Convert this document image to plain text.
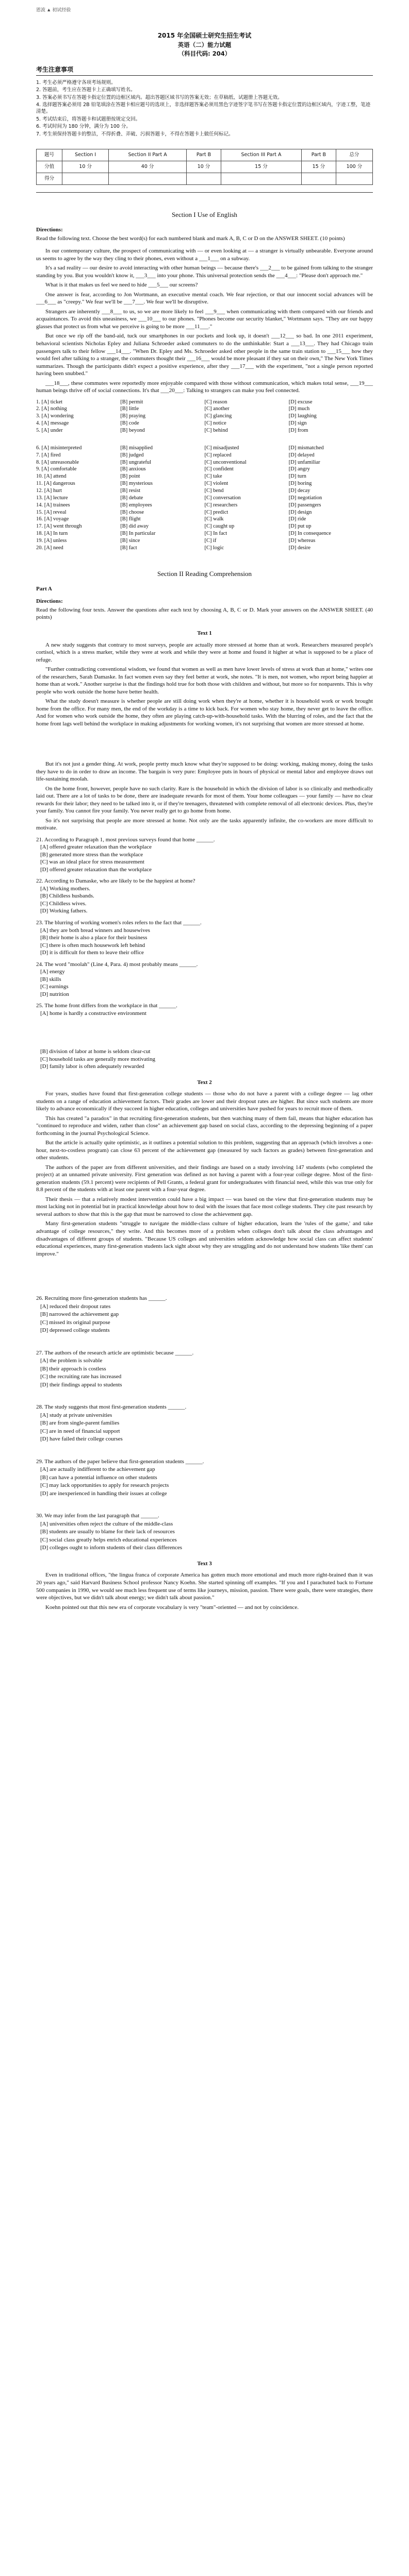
恩波 ▲ 初试经验
2015 年全国硕士研究生招生考试
英语（二）能力试题
（科目代码: 204）
考生注意事项

1. 考生必须严格遵守各项考场规则。

2. 答题前，考生应在答题卡上正确填写姓名。

3. 答案必须书写在答题卡指定位置的边框区域内。超出答题区域书写的答案无效；在草稿纸、试题册上答题无效。

4. 选择题答案必须用 2B 铅笔填涂在答题卡相应题号的选项上，非选择题答案必须用黑色字迹签字笔书写在答题卡指定位置的边框区域内，字迹工整，笔迹清楚。

5. 考试结束后，将答题卡和试题册按规定交回。

6. 考试时间为 180 分钟，满分为 100 分。

7. 考生须保持答题卡的整洁，不得折叠、弄破、污损答题卡，不得在答题卡上做任何标记。

题号	Section I	Section II Part A	Part B	Section III Part A	Part B	总分
分值	10 分	40 分	10 分	15 分	15 分	100 分
得分						
Section I Use of English
Directions:

Read the following text. Choose the best word(s) for each numbered blank and mark A, B, C or D on the ANSWER SHEET. (10 points)

In our contemporary culture, the prospect of communicating with — or even looking at — a stranger is virtually unbearable. Everyone around us seems to agree by the way they cling to their phones, even without a ___1___ on a subway.

It's a sad reality — our desire to avoid interacting with other human beings — because there's ___2___ to be gained from talking to the stranger standing by you. But you wouldn't know it, ___3___ into your phone. This universal protection sends the ___4___: "Please don't approach me."

What is it that makes us feel we need to hide ___5___ our screens?

One answer is fear, according to Jon Wortmann, an executive mental coach. We fear rejection, or that our innocent social advances will be ___6___ as "creepy." We fear we'll be ___7___. We fear we'll be disruptive.

Strangers are inherently ___8___ to us, so we are more likely to feel ___9___ when communicating with them compared with our friends and acquaintances. To avoid this uneasiness, we ___10___ to our phones. "Phones become our security blanket," Wortmann says. "They are our happy glasses that protect us from what we perceive is going to be more ___11___."

But once we rip off the band-aid, tuck our smartphones in our pockets and look up, it doesn't ___12___ so bad. In one 2011 experiment, behavioral scientists Nicholas Epley and Juliana Schroeder asked commuters to do the unthinkable: Start a ___13___. They had Chicago train passengers talk to their fellow ___14___. "When Dr. Epley and Ms. Schroeder asked other people in the same train station to ___15___ how they would feel after talking to a stranger, the commuters thought their ___16___ would be more pleasant if they sat on their own," The New York Times summarizes. Though the participants didn't expect a positive experience, after they ___17___ with the experiment, "not a single person reported having been snubbed."

___18___, these commutes were reportedly more enjoyable compared with those without communication, which makes total sense, ___19___ human beings thrive off of social connections. It's that ___20___: Talking to strangers can make you feel connected.

1. [A] ticket	[B] permit	[C] reason	[D] excuse
2. [A] nothing	[B] little	[C] another	[D] much
3. [A] wondering	[B] praying	[C] glancing	[D] laughing
4. [A] message	[B] code	[C] notice	[D] sign
5. [A] under	[B] beyond	[C] behind	[D] from
6. [A] misinterpreted	[B] misapplied	[C] misadjusted	[D] mismatched
7. [A] fired	[B] judged	[C] replaced	[D] delayed
8. [A] unreasonable	[B] ungrateful	[C] unconventional	[D] unfamiliar
9. [A] comfortable	[B] anxious	[C] confident	[D] angry
10. [A] attend	[B] point	[C] take	[D] turn
11. [A] dangerous	[B] mysterious	[C] violent	[D] boring
12. [A] hurt	[B] resist	[C] bend	[D] decay
13. [A] lecture	[B] debate	[C] conversation	[D] negotiation
14. [A] trainees	[B] employees	[C] researchers	[D] passengers
15. [A] reveal	[B] choose	[C] predict	[D] design
16. [A] voyage	[B] flight	[C] walk	[D] ride
17. [A] went through	[B] did away	[C] caught up	[D] put up
18. [A] In turn	[B] In particular	[C] In fact	[D] In consequence
19. [A] unless	[B] since	[C] if	[D] whereas
20. [A] need	[B] fact	[C] logic	[D] desire
Section II Reading Comprehension
Part A
Directions:

Read the following four texts. Answer the questions after each text by choosing A, B, C or D. Mark your answers on the ANSWER SHEET. (40 points)

Text 1

A new study suggests that contrary to most surveys, people are actually more stressed at home than at work. Researchers measured people's cortisol, which is a stress marker, while they were at work and while they were at home and found it higher at what is supposed to be a place of refuge.

"Further contradicting conventional wisdom, we found that women as well as men have lower levels of stress at work than at home," writes one of the researchers, Sarah Damaske. In fact women even say they feel better at work, she notes. "It is men, not women, who report being happier at home than at work." Another surprise is that the findings hold true for both those with children and without, but more so for nonparents. This is why people who work outside the home have better health.

What the study doesn't measure is whether people are still doing work when they're at home, whether it is household work or work brought home from the office. For many men, the end of the workday is a time to kick back. For women who stay home, they never get to leave the office. And for women who work outside the home, they often are playing catch-up-with-household tasks. With the blurring of roles, and the fact that the home front lags well behind the workplace in making adjustments for working women, it's not surprising that women are more stressed at home.

But it's not just a gender thing. At work, people pretty much know what they're supposed to be doing: working, making money, doing the tasks they have to do in order to draw an income. The bargain is very pure: Employee puts in hours of physical or mental labor and employee draws out life-sustaining moolah.

On the home front, however, people have no such clarity. Rare is the household in which the division of labor is so clinically and methodically laid out. There are a lot of tasks to be done, there are inadequate rewards for most of them. Your home colleagues — your family — have no clear rewards for their labor; they need to be talked into it, or if they're teenagers, threatened with complete removal of all electronic devices. Plus, they're your family. You cannot fire your family. You never really get to go home from home.

So it's not surprising that people are more stressed at home. Not only are the tasks apparently infinite, the co-workers are more difficult to motivate.

21. According to Paragraph 1, most previous surveys found that home ______.

[A] offered greater relaxation than the workplace

[B] generated more stress than the workplace

[C] was an ideal place for stress measurement

[D] offered greater relaxation than the workplace

22. According to Damaske, who are likely to be the happiest at home?

[A] Working mothers.

[B] Childless husbands.

[C] Childless wives.

[D] Working fathers.

23. The blurring of working women's roles refers to the fact that ______.

[A] they are both bread winners and housewives

[B] their home is also a place for their business

[C] there is often much housework left behind

[D] it is difficult for them to leave their office

24. The word "moolah" (Line 4, Para. 4) most probably means ______.

[A] energy

[B] skills

[C] earnings

[D] nutrition

25. The home front differs from the workplace in that ______.

[A] home is hardly a constructive environment

[B] division of labor at home is seldom clear-cut

[C] household tasks are generally more motivating

[D] family labor is often adequately rewarded

Text 2

For years, studies have found that first-generation college students — those who do not have a parent with a college degree — lag other students on a range of education achievement factors. Their grades are lower and their dropout rates are higher. But since such students are more likely to advance economically if they succeed in higher education, colleges and universities have pushed for years to recruit more of them.

This has created "a paradox" in that recruiting first-generation students, but then watching many of them fail, means that higher education has "continued to reproduce and widen, rather than close" an achievement gap based on social class, according to the depressing beginning of a paper forthcoming in the journal Psychological Science.

But the article is actually quite optimistic, as it outlines a potential solution to this problem, suggesting that an approach (which involves a one-hour, next-to-costless program) can close 63 percent of the achievement gap (measured by such factors as grades) between first-generation and other students.

The authors of the paper are from different universities, and their findings are based on a study involving 147 students (who completed the project) at an unnamed private university. First generation was defined as not having a parent with a four-year college degree. Most of the first-generation students (59.1 percent) were recipients of Pell Grants, a federal grant for undergraduates with financial need, while this was true only for 8.8 percent of the students with at least one parent with a four-year degree.

Their thesis — that a relatively modest intervention could have a big impact — was based on the view that first-generation students may be most lacking not in potential but in practical knowledge about how to deal with the issues that face most college students. They cite past research by several authors to show that this is the gap that must be narrowed to close the achievement gap.

Many first-generation students "struggle to navigate the middle-class culture of higher education, learn the 'rules of the game,' and take advantage of college resources," they write. And this becomes more of a problem when colleges don't talk about the class advantages and disadvantages of different groups of students. "Because US colleges and universities seldom acknowledge how social class can affect students' educational experiences, many first-generation students lack sight about why they are struggling and do not understand how students 'like them' can improve."

26. Recruiting more first-generation students has ______.

[A] reduced their dropout rates

[B] narrowed the achievement gap

[C] missed its original purpose

[D] depressed college students

27. The authors of the research article are optimistic because ______.

[A] the problem is solvable

[B] their approach is costless

[C] the recruiting rate has increased

[D] their findings appeal to students

28. The study suggests that most first-generation students ______.

[A] study at private universities

[B] are from single-parent families

[C] are in need of financial support

[D] have failed their college courses

29. The authors of the paper believe that first-generation students ______.

[A] are actually indifferent to the achievement gap

[B] can have a potential influence on other students

[C] may lack opportunities to apply for research projects

[D] are inexperienced in handling their issues at college

30. We may infer from the last paragraph that ______.

[A] universities often reject the culture of the middle-class

[B] students are usually to blame for their lack of resources

[C] social class greatly helps enrich educational experiences

[D] colleges ought to inform students of their class differences

Text 3

Even in traditional offices, "the lingua franca of corporate America has gotten much more emotional and much more right-brained than it was 20 years ago," said Harvard Business School professor Nancy Koehn. She started spinning off examples. "If you and I parachuted back to Fortune 500 companies in 1990, we would see much less frequent use of terms like journeys, mission, passion. There were goals, there were strategies, there were objectives, but we didn't talk about energy; we didn't talk about passion."

Koehn pointed out that this new era of corporate vocabulary is very "team"-oriented — and not by coincidence.
